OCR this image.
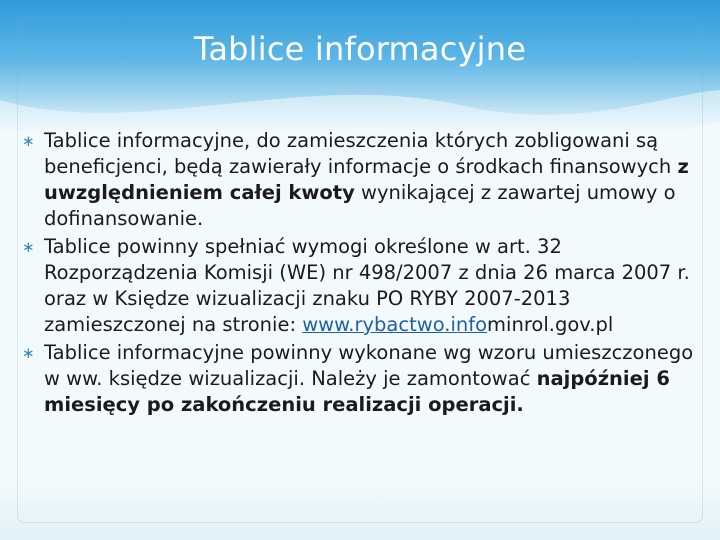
Tablice informacyjne
∗ Tablice informacyjne, do zamieszczenia których zobligowani są beneficjenci, będą zawierały informacje o środkach finansowych z uwzględnieniem całej kwoty wynikającej z zawartej umowy o dofinansowanie.
∗ Tablice powinny spełniać wymogi określone w art. 32 Rozporządzenia Komisji (WE) nr 498/2007 z dnia 26 marca 2007 r. oraz w Księdze wizualizacji znaku PO RYBY 2007-2013 zamieszczonej na stronie: www.rybactwo.infominrol.gov.pl
∗ Tablice informacyjne powinny wykonane wg wzoru umieszczonego w ww. księdze wizualizacji. Należy je zamontować najpóźniej 6 miesięcy po zakończeniu realizacji operacji.
